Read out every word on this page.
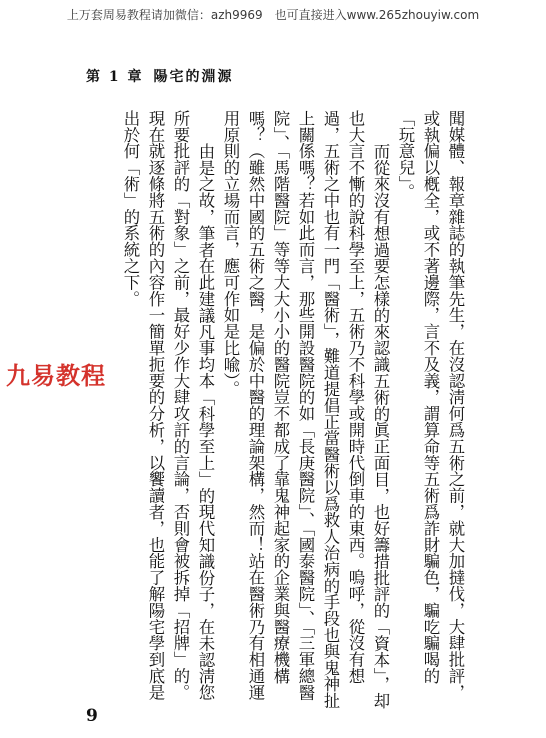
上万套周易教程请加微信：azh9969　也可直接进入www.265zhouyiw.com
第 1 章 陽宅的淵源

聞媒體、報章雜誌的執筆先生，在沒認淸何爲五術之前，就大加撻伐，大肆批評，或執偏以槪全，或不著邊際，言不及義，謂算命等五術爲詐財騙色，騙吃騙喝的「玩意兒」。

而從來沒有想過要怎樣的來認識五術的眞正面目，也好籌措批評的「資本」，却也大言不慚的說科學至上，五術乃不科學或開時代倒車的東西。嗚呼，從沒有想過，五術之中也有一門「醫術」，難道提倡正當醫術以爲救人治病的手段也與鬼神扯上關係嗎？若如此而言，那些開設醫院的如「長庚醫院」、「國泰醫院」、「三軍總醫院」、「馬階醫院」等等大大小小的醫院豈不都成了靠鬼神起家的企業與醫療機構嗎？（雖然中國的五術之醫，是偏於中醫的理論架構，然而！站在醫術乃有相通運用原則的立場而言，應可作如是比喩）。

由是之故，筆者在此建議凡事均本「科學至上」的現代知識份子，在未認淸您所要批評的「對象」之前，最好少作大肆攻訐的言論，否則會被拆掉「招牌」的。現在就逐條將五術的內容作一簡單扼要的分析，以饗讀者，也能了解陽宅學到底是出於何「術」的系統之下。

九易教程
9
